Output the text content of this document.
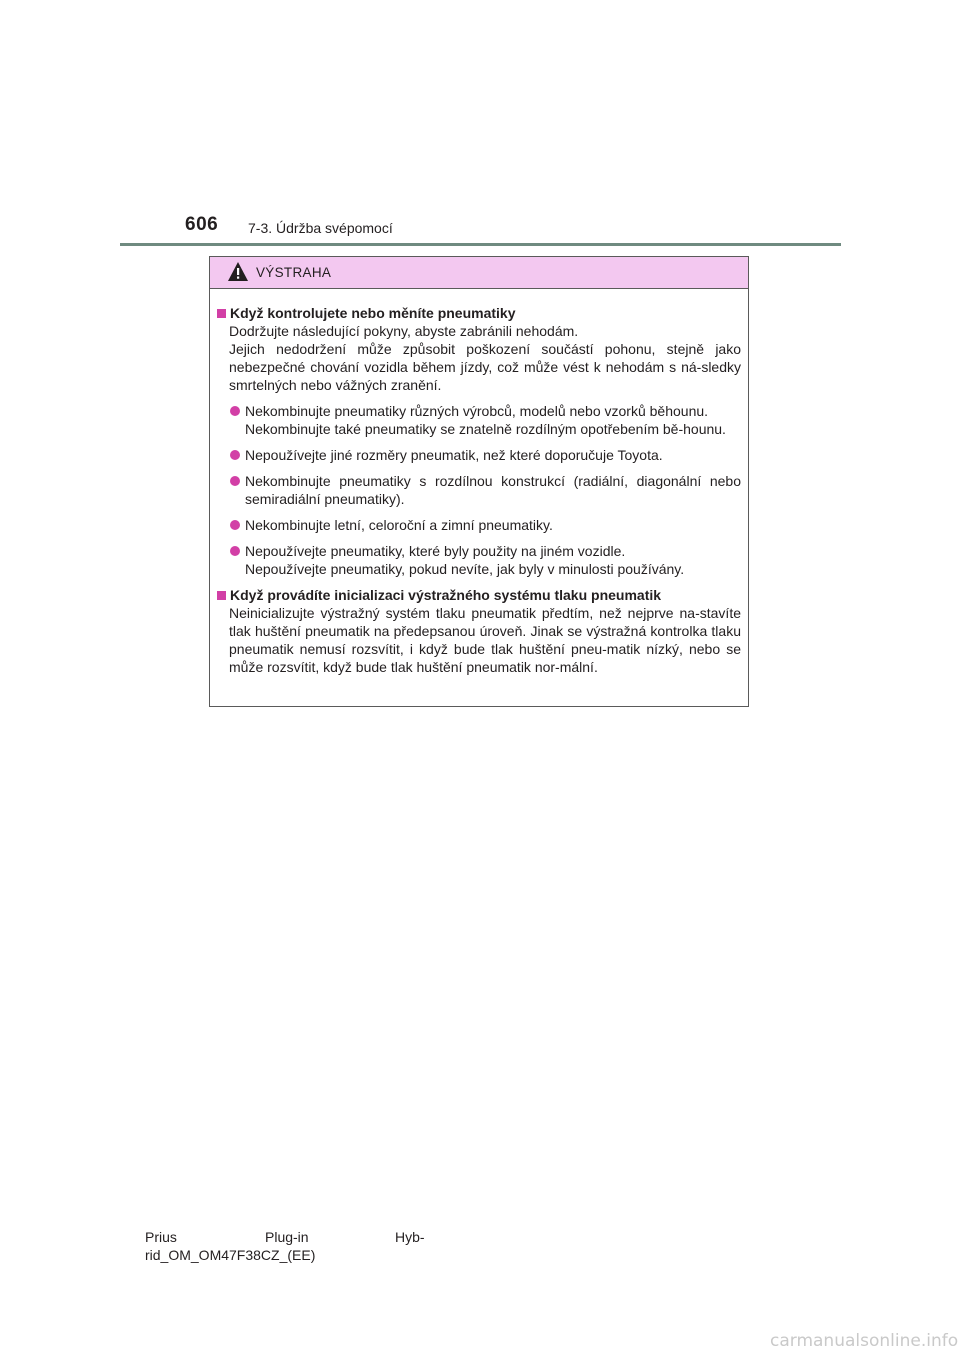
606 7-3. Údržba svépomocí
VÝSTRAHA
Když kontrolujete nebo měníte pneumatiky
Dodržujte následující pokyny, abyste zabránili nehodám.
Jejich nedodržení může způsobit poškození součástí pohonu, stejně jako nebezpečné chování vozidla během jízdy, což může vést k nehodám s ná-sledky smrtelných nebo vážných zranění.
Nekombinujte pneumatiky různých výrobců, modelů nebo vzorků běhounu.
Nekombinujte také pneumatiky se znatelně rozdílným opotřebením bě-hounu.
Nepoužívejte jiné rozměry pneumatik, než které doporučuje Toyota.
Nekombinujte pneumatiky s rozdílnou konstrukcí (radiální, diagonální nebo semiradiální pneumatiky).
Nekombinujte letní, celoroční a zimní pneumatiky.
Nepoužívejte pneumatiky, které byly použity na jiném vozidle.
Nepoužívejte pneumatiky, pokud nevíte, jak byly v minulosti používány.
Když provádíte inicializaci výstražného systému tlaku pneumatik
Neinicializujte výstražný systém tlaku pneumatik předtím, než nejprve na-stavíte tlak huštění pneumatik na předepsanou úroveň. Jinak se výstražná kontrolka tlaku pneumatik nemusí rozsvítit, i když bude tlak huštění pneu-matik nízký, nebo se může rozsvítit, když bude tlak huštění pneumatik nor-mální.
Prius	Plug-in	Hyb-
rid_OM_OM47F38CZ_(EE)
carmanualsonline.info
